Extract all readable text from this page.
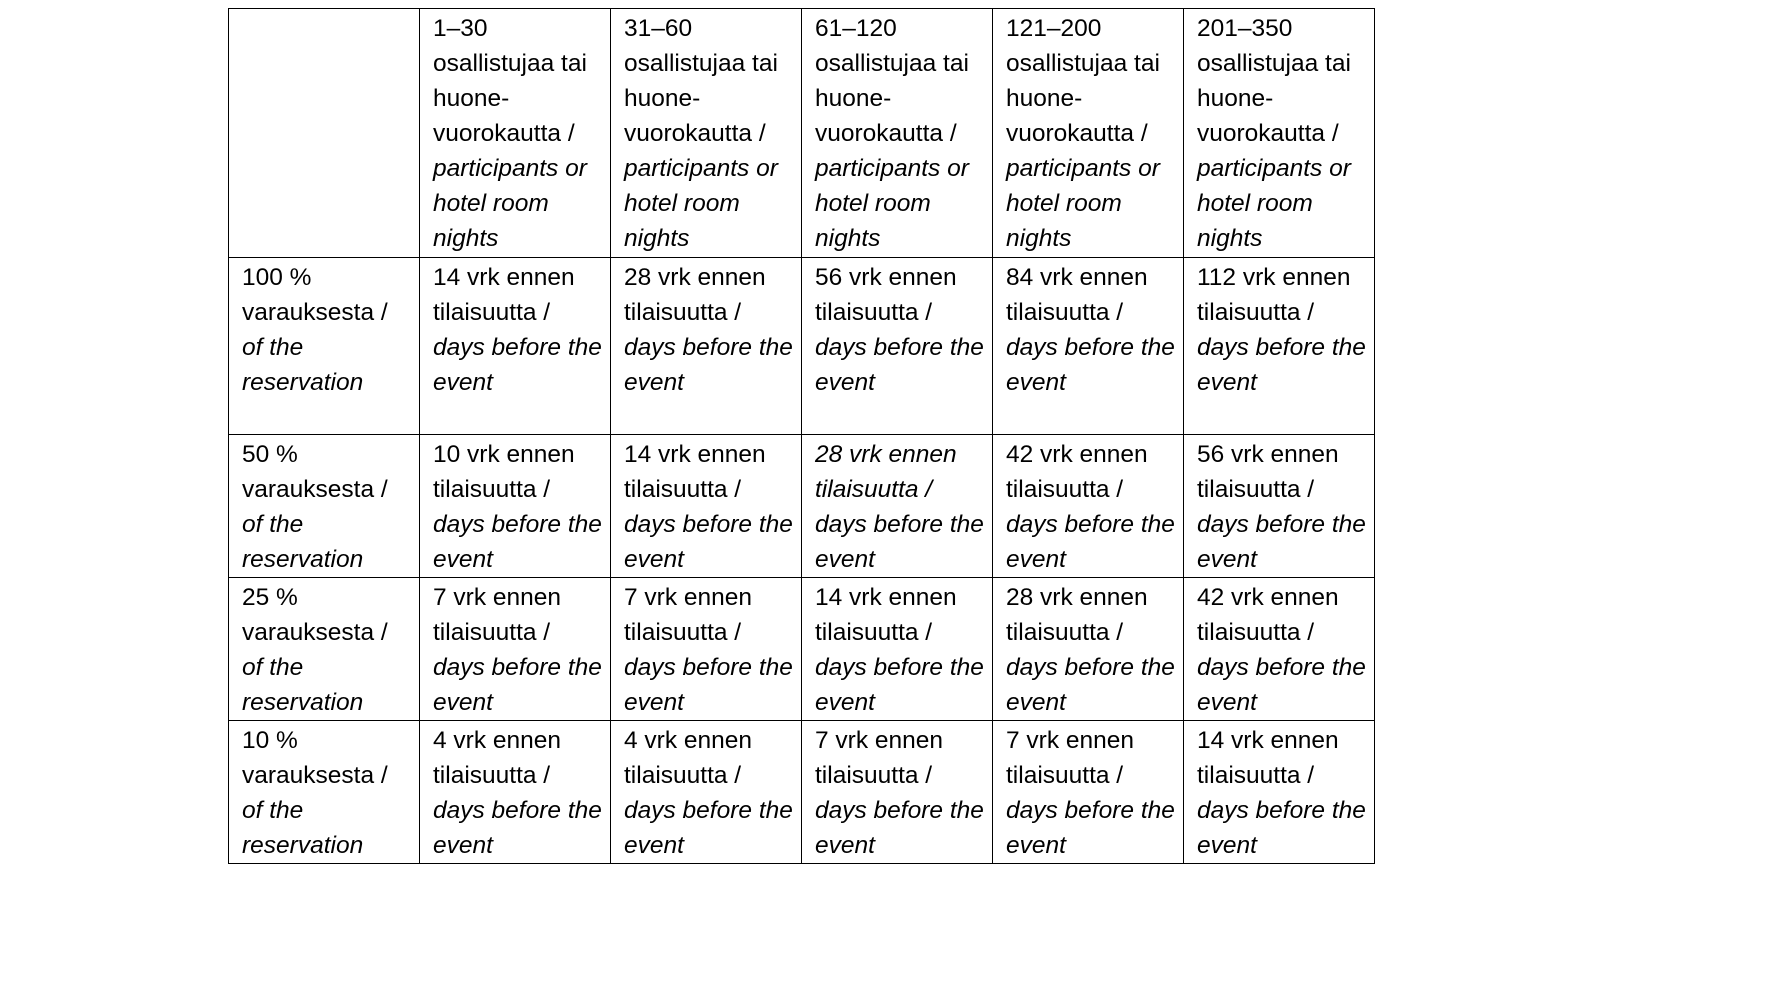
	1–30
osallistujaa tai huone-vuorokautta /
participants or hotel room nights	31–60
osallistujaa tai huone-vuorokautta /
participants or hotel room nights	61–120
osallistujaa tai huone-vuorokautta /
participants or hotel room nights	121–200
osallistujaa tai huone-vuorokautta /
participants or hotel room nights	201–350
osallistujaa tai huone-vuorokautta /
participants or hotel room nights

100 % varauksesta /
of the reservation	14 vrk ennen tilaisuutta /
days before the event	28 vrk ennen tilaisuutta /
days before the event	56 vrk ennen tilaisuutta /
days before the event	84 vrk ennen tilaisuutta /
days before the event	112 vrk ennen tilaisuutta /
days before the event

50 % varauksesta /
of the reservation	10 vrk ennen tilaisuutta /
days before the event	14 vrk ennen tilaisuutta /
days before the event	28 vrk ennen tilaisuutta /
days before the event	42 vrk ennen tilaisuutta /
days before the event	56 vrk ennen tilaisuutta /
days before the event

25 % varauksesta /
of the reservation	7 vrk ennen tilaisuutta /
days before the event	7 vrk ennen tilaisuutta /
days before the event	14 vrk ennen tilaisuutta /
days before the event	28 vrk ennen tilaisuutta /
days before the event	42 vrk ennen tilaisuutta /
days before the event

10 % varauksesta /
of the reservation	4 vrk ennen tilaisuutta /
days before the event	4 vrk ennen tilaisuutta /
days before the event	7 vrk ennen tilaisuutta /
days before the event	7 vrk ennen tilaisuutta /
days before the event	14 vrk ennen tilaisuutta /
days before the event
